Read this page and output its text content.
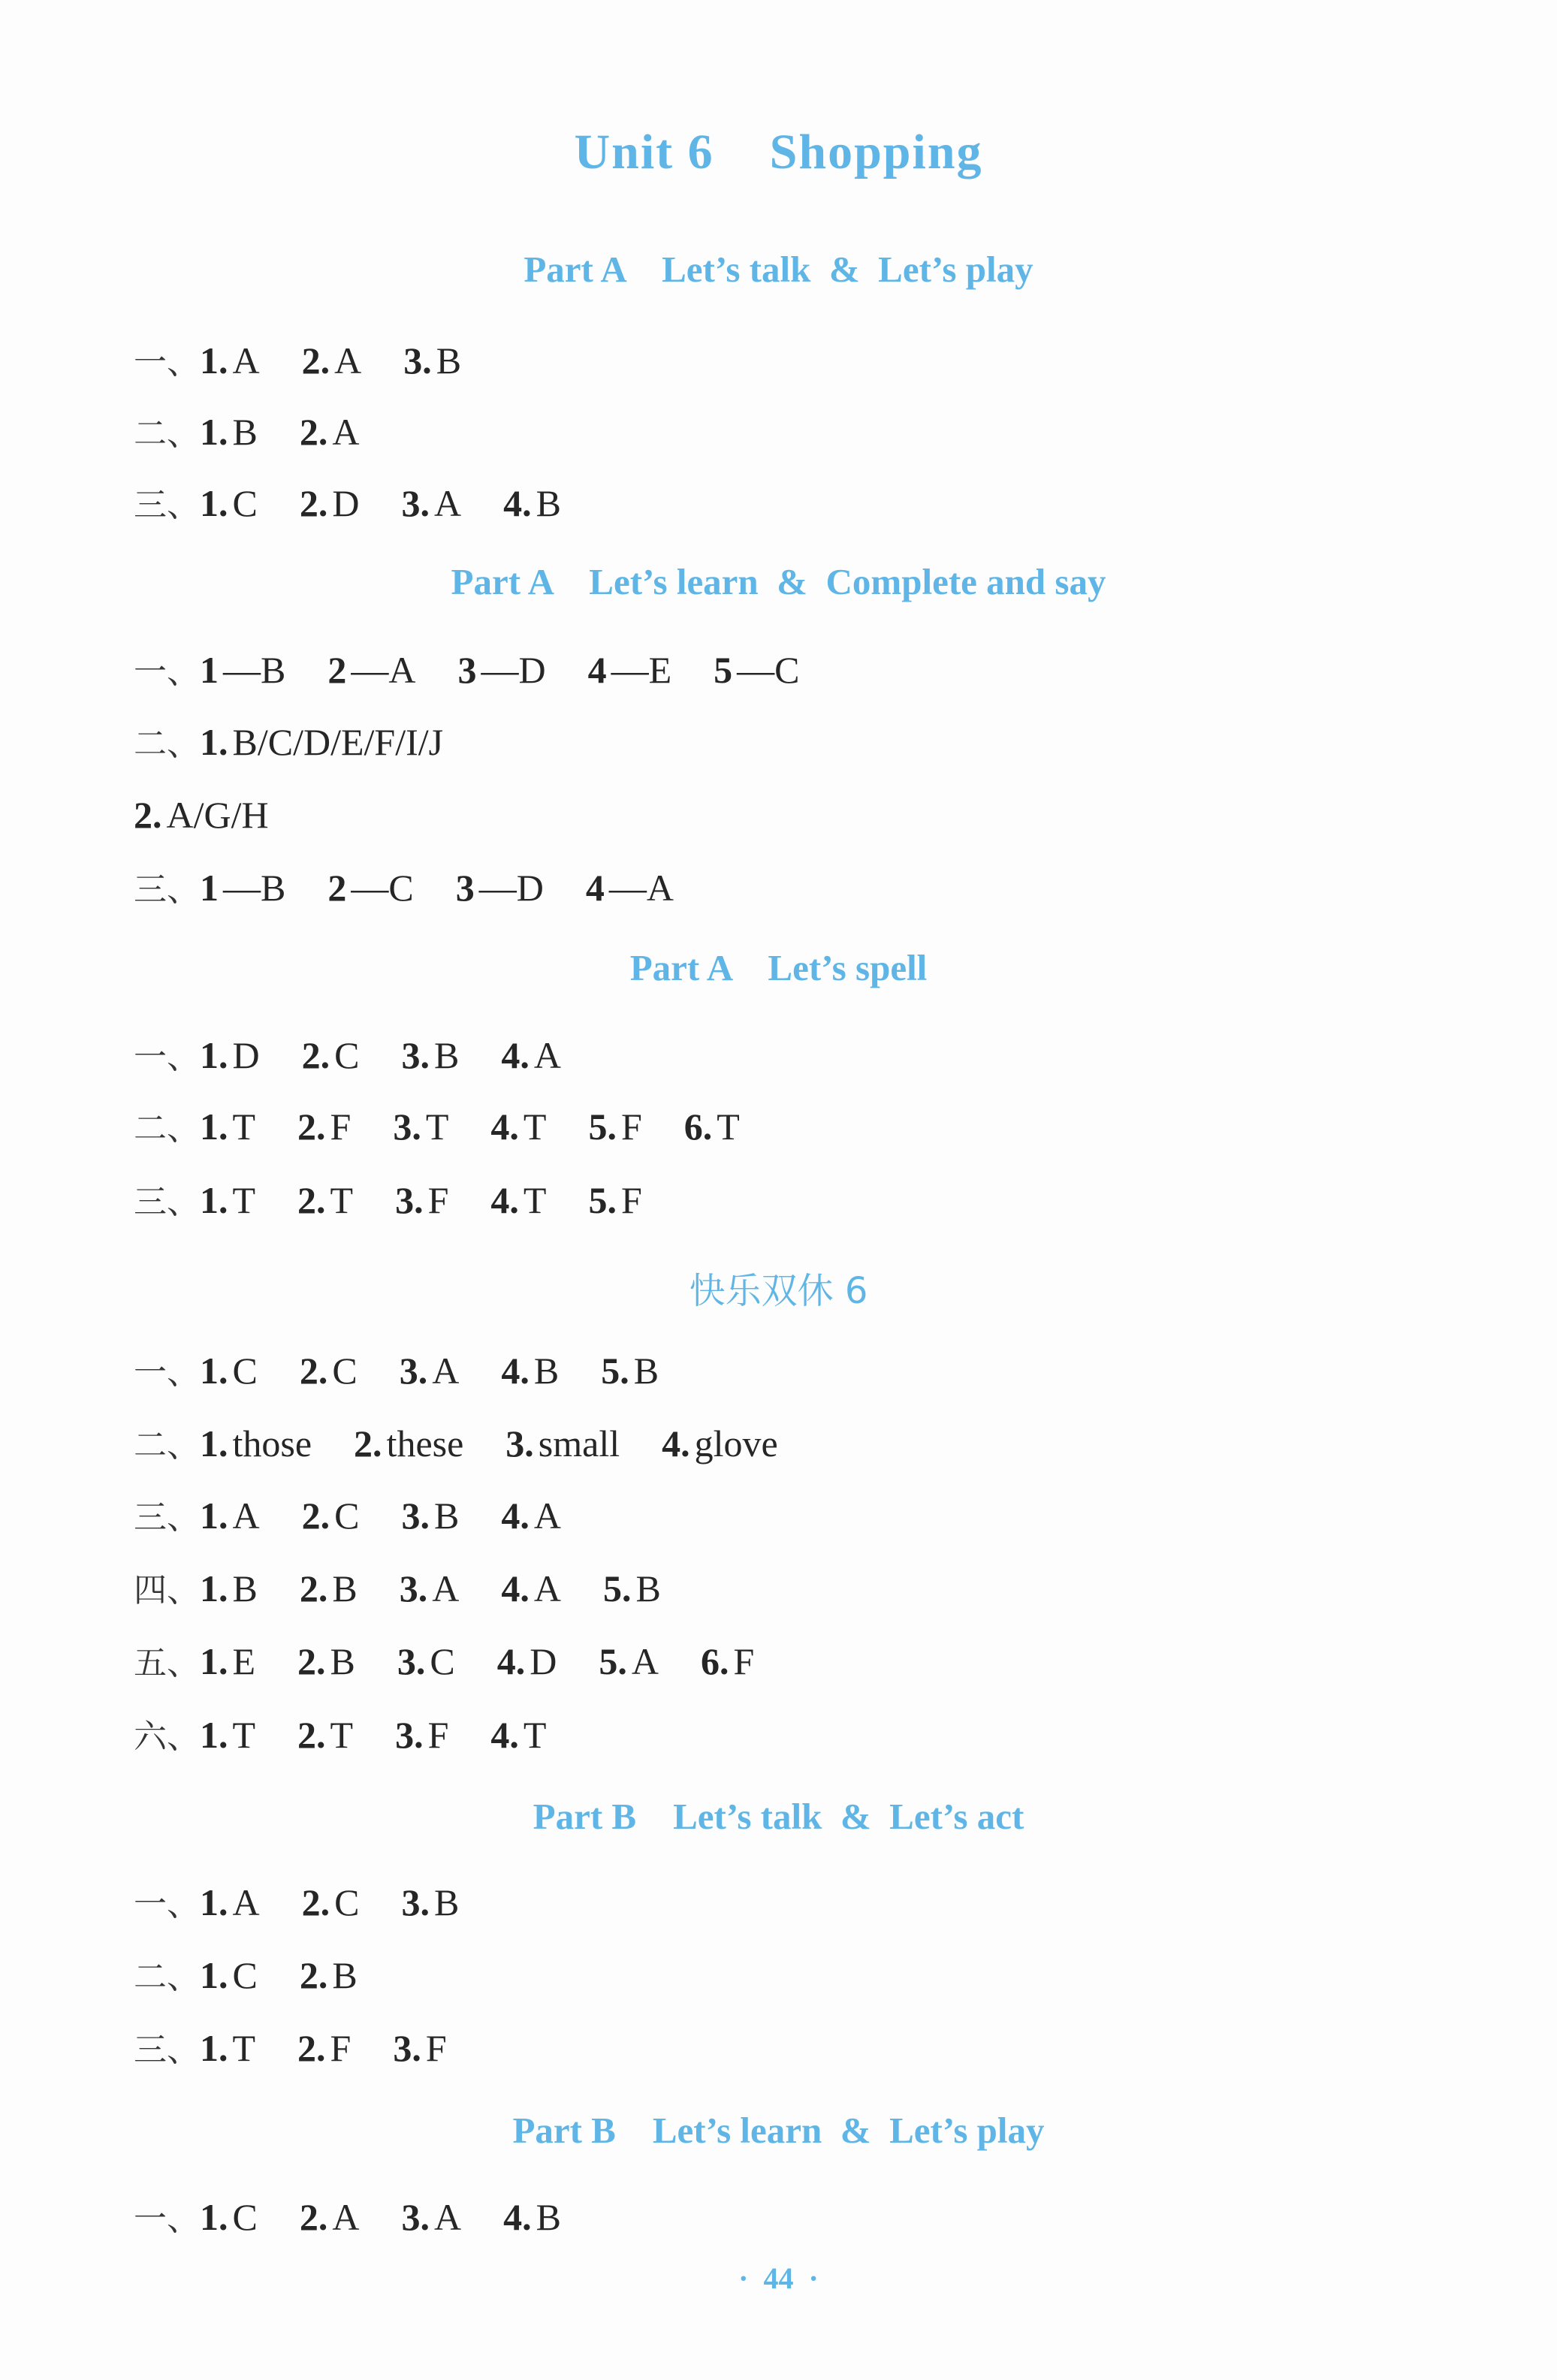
Unit 6    Shopping
Part A    Let’s talk  &  Let’s play
一、1. A 2. A 3. B
二、1. B 2. A
三、1. C 2. D 3. A 4. B
Part A    Let’s learn  &  Complete and say
一、1 —B 2 —A 3 —D 4 —E 5 —C
二、1. B/C/D/E/F/I/J
2. A/G/H
三、1 —B 2 —C 3 —D 4 —A
Part A    Let’s spell
一、1. D 2. C 3. B 4. A
二、1. T 2. F 3. T 4. T 5. F 6. T
三、1. T 2. T 3. F 4. T 5. F
快乐双休 6
一、1. C 2. C 3. A 4. B 5. B
二、1. those 2. these 3. small 4. glove
三、1. A 2. C 3. B 4. A
四、1. B 2. B 3. A 4. A 5. B
五、1. E 2. B 3. C 4. D 5. A 6. F
六、1. T 2. T 3. F 4. T
Part B    Let’s talk  &  Let’s act
一、1. A 2. C 3. B
二、1. C 2. B
三、1. T 2. F 3. F
Part B    Let’s learn  &  Let’s play
一、1. C 2. A 3. A 4. B
·  44  ·
